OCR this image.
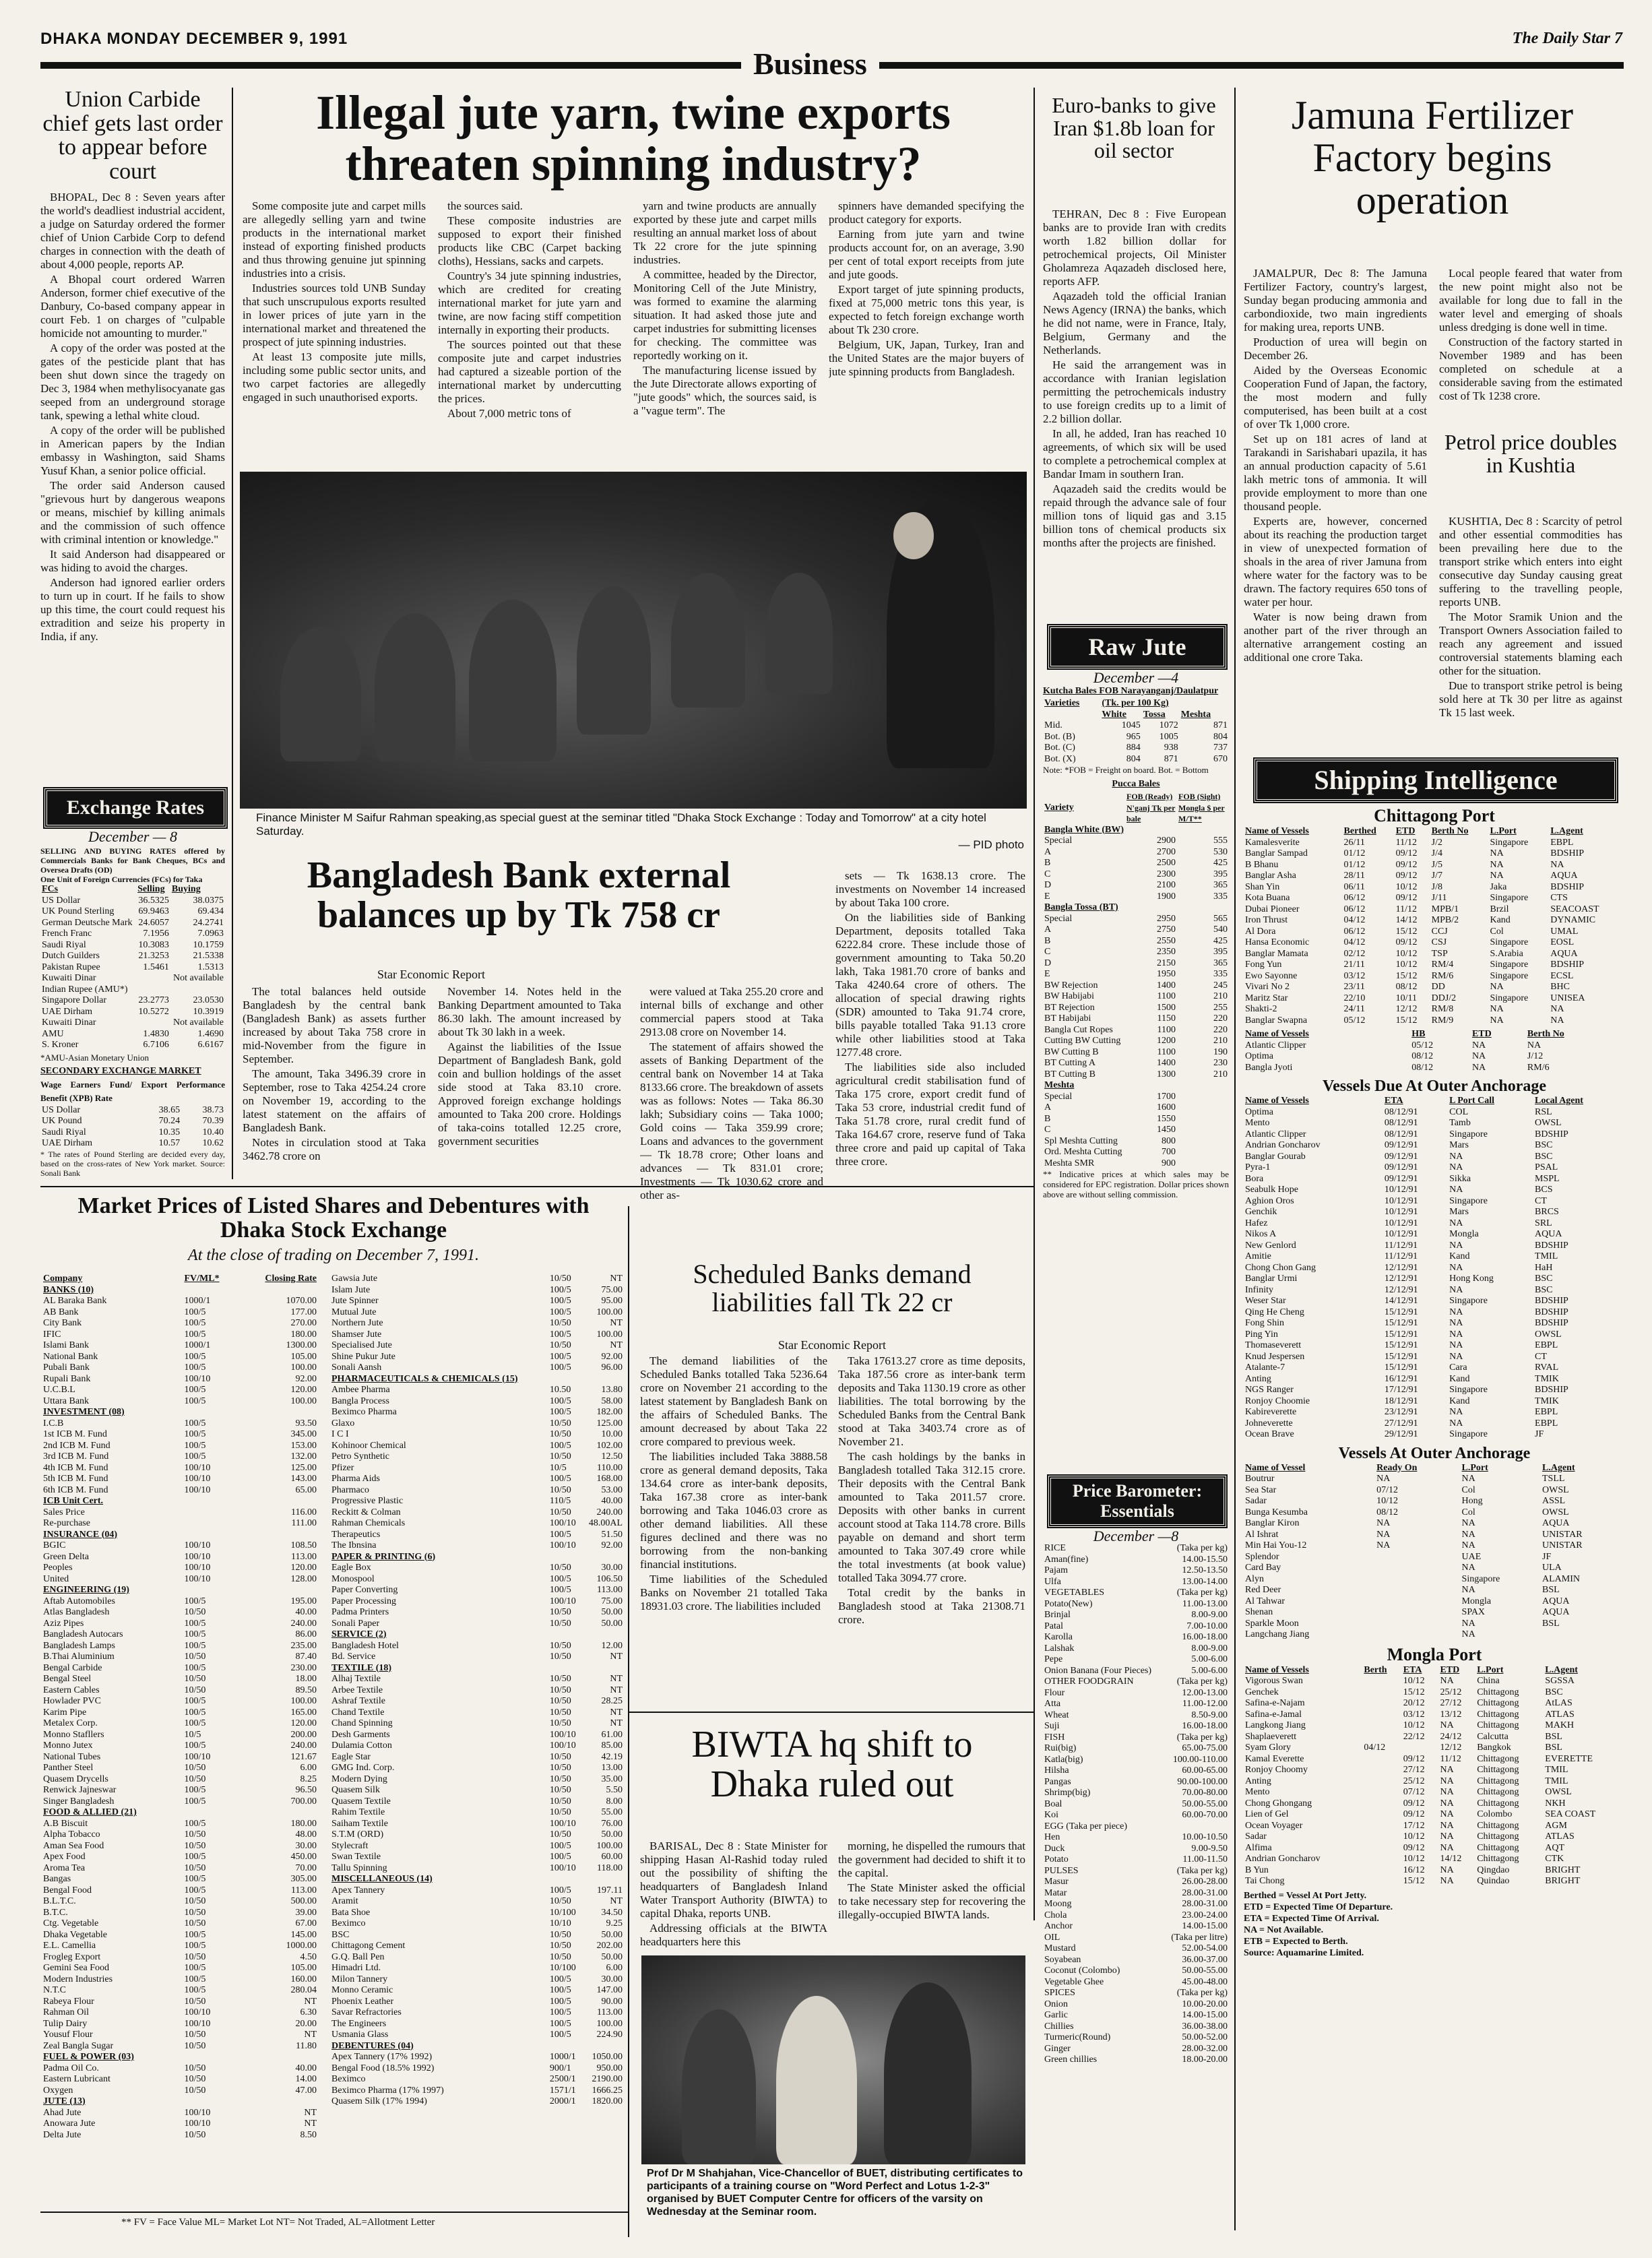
DHAKA MONDAY DECEMBER 9, 1991	The Daily Star 7
Business
Union Carbide chief gets last order to appear before court

BHOPAL, Dec 8 : Seven years after the world's deadliest industrial accident, a judge on Saturday ordered the former chief of Union Carbide Corp to defend charges in connection with the death of about 4,000 people, reports AP.

A Bhopal court ordered Warren Anderson, former chief executive of the Danbury, Co-based company appear in court Feb. 1 on charges of "culpable homicide not amounting to murder."

A copy of the order was posted at the gates of the pesticide plant that has been shut down since the tragedy on Dec 3, 1984 when methylisocyanate gas seeped from an underground storage tank, spewing a lethal white cloud.

A copy of the order will be published in American papers by the Indian embassy in Washington, said Shams Yusuf Khan, a senior police official.

The order said Anderson caused "grievous hurt by dangerous weapons or means, mischief by killing animals and the commission of such offence with criminal intention or knowledge."

It said Anderson had disappeared or was hiding to avoid the charges.

Anderson had ignored earlier orders to turn up in court. If he fails to show up this time, the court could request his extradition and seize his property in India, if any.

Exchange Rates
December — 8
SELLING AND BUYING RATES offered by Commercials Banks for Bank Cheques, BCs and Oversea Drafts (OD)
One Unit of Foreign Currencies (FCs) for Taka
FCs	Selling	Buying
US Dollar	36.5325	38.0375
UK Pound Sterling	69.9463	69.434
German Deutsche Mark	24.6057	24.2741
French Franc	7.1956	7.0963
Saudi Riyal	10.3083	10.1759
Dutch Guilders	21.3253	21.5338
Pakistan Rupee	1.5461	1.5313
Kuwaiti Dinar		Not available
Indian Rupee (AMU*)		
Singapore Dollar	23.2773	23.0530
UAE Dirham	10.5272	10.3919
Kuwaiti Dinar		Not available
AMU	1.4830	1.4690
S. Kroner	6.7106	6.6167
*AMU-Asian Monetary Union
SECONDARY EXCHANGE MARKET
Wage Earners Fund/ Export Performance Benefit (XPB) Rate
US Dollar	38.65	38.73
UK Pound	70.24	70.39
Saudi Riyal	10.35	10.40
UAE Dirham	10.57	10.62
* The rates of Pound Sterling are decided every day, based on the cross-rates of New York market. Source: Sonali Bank
Illegal jute yarn, twine exports threaten spinning industry?

Some composite jute and carpet mills are allegedly selling yarn and twine products in the international market instead of exporting finished products and thus throwing genuine jut spinning industries into a crisis.

Industries sources told UNB Sunday that such unscrupulous exports resulted in lower prices of jute yarn in the international market and threatened the prospect of jute spinning industries.

At least 13 composite jute mills, including some public sector units, and two carpet factories are allegedly engaged in such unauthorised exports.

the sources said.

These composite industries are supposed to export their finished products like CBC (Carpet backing cloths), Hessians, sacks and carpets.

Country's 34 jute spinning industries, which are credited for creating international market for jute yarn and twine, are now facing stiff competition internally in exporting their products.

The sources pointed out that these composite jute and carpet industries had captured a sizeable portion of the international market by undercutting the prices.

About 7,000 metric tons of

yarn and twine products are annually exported by these jute and carpet mills resulting an annual market loss of about Tk 22 crore for the jute spinning industries.

A committee, headed by the Director, Monitoring Cell of the Jute Ministry, was formed to examine the alarming situation. It had asked those jute and carpet industries for submitting licenses for checking. The committee was reportedly working on it.

The manufacturing license issued by the Jute Directorate allows exporting of "jute goods" which, the sources said, is a "vague term". The

spinners have demanded specifying the product category for exports.

Earning from jute yarn and twine products account for, on an average, 3.90 per cent of total export receipts from jute and jute goods.

Export target of jute spinning products, fixed at 75,000 metric tons this year, is expected to fetch foreign exchange worth about Tk 230 crore.

Belgium, UK, Japan, Turkey, Iran and the United States are the major buyers of jute spinning products from Bangladesh.

Finance Minister M Saifur Rahman speaking,as special guest at the seminar titled "Dhaka Stock Exchange : Today and Tomorrow" at a city hotel Saturday.
— PID photo
Bangladesh Bank external balances up by Tk 758 cr
Star Economic Report

The total balances held outside Bangladesh by the central bank (Bangladesh Bank) as assets further increased by about Taka 758 crore in mid-November from the figure in September.

The amount, Taka 3496.39 crore in September, rose to Taka 4254.24 crore on November 19, according to the latest statement on the affairs of Bangladesh Bank.

Notes in circulation stood at Taka 3462.78 crore on

November 14. Notes held in the Banking Department amounted to Taka 86.30 lakh. The amount increased by about Tk 30 lakh in a week.

Against the liabilities of the Issue Department of Bangladesh Bank, gold coin and bullion holdings of the asset side stood at Taka 83.10 crore. Approved foreign exchange holdings amounted to Taka 200 crore. Holdings of taka-coins totalled 12.25 crore, government securities

were valued at Taka 255.20 crore and internal bills of exchange and other commercial papers stood at Taka 2913.08 crore on November 14.

The statement of affairs showed the assets of Banking Department of the central bank on November 14 at Taka 8133.66 crore. The breakdown of assets was as follows: Notes — Taka 86.30 lakh; Subsidiary coins — Taka 1000; Gold coins — Taka 359.99 crore; Loans and advances to the government — Tk 18.78 crore; Other loans and advances — Tk 831.01 crore; Investments — Tk 1030.62 crore and other as-

sets — Tk 1638.13 crore. The investments on November 14 increased by about Taka 100 crore.

On the liabilities side of Banking Department, deposits totalled Taka 6222.84 crore. These include those of government amounting to Taka 50.20 lakh, Taka 1981.70 crore of banks and Taka 4240.64 crore of others. The allocation of special drawing rights (SDR) amounted to Taka 91.74 crore, bills payable totalled Taka 91.13 crore while other liabilities stood at Taka 1277.48 crore.

The liabilities side also included agricultural credit stabilisation fund of Taka 175 crore, export credit fund of Taka 53 crore, industrial credit fund of Taka 51.78 crore, rural credit fund of Taka 164.67 crore, reserve fund of Taka three crore and paid up capital of Taka three crore.

Market Prices of Listed Shares and Debentures with Dhaka Stock Exchange
At the close of trading on December 7, 1991.
Company	FV/ML*	Closing Rate
BANKS (10)		
AL Baraka Bank	1000/1	1070.00
AB Bank	100/5	177.00
City Bank	100/5	270.00
IFIC	100/5	180.00
Islami Bank	1000/1	1300.00
National Bank	100/5	105.00
Pubali Bank	100/5	100.00
Rupali Bank	100/10	92.00
U.C.B.L	100/5	120.00
Uttara Bank	100/5	100.00
INVESTMENT (08)		
I.C.B	100/5	93.50
1st ICB M. Fund	100/5	345.00
2nd ICB M. Fund	100/5	153.00
3rd ICB M. Fund	100/5	132.00
4th ICB M. Fund	100/10	125.00
5th ICB M. Fund	100/10	143.00
6th ICB M. Fund	100/10	65.00
ICB Unit Cert.		
Sales Price		116.00
Re-purchase		111.00
INSURANCE (04)		
BGIC	100/10	108.50
Green Delta	100/10	113.00
Peoples	100/10	120.00
United	100/10	128.00
ENGINEERING (19)		
Aftab Automobiles	100/5	195.00
Atlas Bangladesh	10/50	40.00
Aziz Pipes	100/5	240.00
Bangladesh Autocars	100/5	86.00
Bangladesh Lamps	100/5	235.00
B.Thai Aluminium	10/50	87.40
Bengal Carbide	100/5	230.00
Bengal Steel	10/50	18.00
Eastern Cables	10/50	89.50
Howlader PVC	100/5	100.00
Karim Pipe	100/5	165.00
Metalex Corp.	100/5	120.00
Monno Stafllers	10/5	200.00
Monno Jutex	100/5	240.00
National Tubes	100/10	121.67
Panther Steel	10/50	6.00
Quasem Drycells	10/50	8.25
Renwick Jajneswar	100/5	96.50
Singer Bangladesh	100/5	700.00
FOOD & ALLIED (21)		
A.B Biscuit	100/5	180.00
Alpha Tobacco	10/50	48.00
Aman Sea Food	10/50	30.00
Apex Food	100/5	450.00
Aroma Tea	10/50	70.00
Bangas	100/5	305.00
Bengal Food	100/5	113.00
B.L.T.C.	10/50	500.00
B.T.C.	10/50	39.00
Ctg. Vegetable	10/50	67.00
Dhaka Vegetable	100/5	145.00
E.L. Camellia	100/5	1000.00
Frogleg Export	10/50	4.50
Gemini Sea Food	100/5	105.00
Modern Industries	100/5	160.00
N.T.C	100/5	280.04
Rabeya Flour	10/50	NT
Rahman Oil	100/10	6.30
Tulip Dairy	100/10	20.00
Yousuf Flour	10/50	NT
Zeal Bangla Sugar	10/50	11.80
FUEL & POWER (03)		
Padma Oil Co.	10/50	40.00
Eastern Lubricant	10/50	14.00
Oxygen	10/50	47.00
JUTE (13)		
Ahad Jute	100/10	NT
Anowara Jute	100/10	NT
Delta Jute	10/50	8.50
Gawsia Jute	10/50	NT
Islam Jute	100/5	75.00
Jute Spinner	100/5	95.00
Mutual Jute	100/5	100.00
Northern Jute	10/50	NT
Shamser Jute	100/5	100.00
Specialised Jute	10/50	NT
Shine Pukur Jute	100/5	92.00
Sonali Aansh	100/5	96.00
PHARMACEUTICALS & CHEMICALS (15)		
Ambee Pharma	10.50	13.80
Bangla Process	100/5	58.00
Beximco Pharma	100/5	182.00
Glaxo	10/50	125.00
I C I	10/50	10.00
Kohinoor Chemical	100/5	102.00
Petro Synthetic	10/50	12.50
Pfizer	10/5	110.00
Pharma Aids	100/5	168.00
Pharmaco	10/50	53.00
Progressive Plastic	110/5	40.00
Reckitt & Colman	10/50	240.00
Rahman Chemicals	100/10	48.00AL
Therapeutics	100/5	51.50
The Ibnsina	100/10	92.00
PAPER & PRINTING (6)		
Eagle Box	10/50	30.00
Monospool	100/5	106.50
Paper Converting	100/5	113.00
Paper Processing	100/10	75.00
Padma Printers	10/50	50.00
Sonali Paper	10/50	50.00
SERVICE (2)		
Bangladesh Hotel	10/50	12.00
Bd. Service	10/50	NT
TEXTILE (18)		
Alhaj Textile	10/50	NT
Arbee Textile	10/50	NT
Ashraf Textile	10/50	28.25
Chand Textile	10/50	NT
Chand Spinning	10/50	NT
Desh Garments	100/10	61.00
Dulamia Cotton	100/10	85.00
Eagle Star	10/50	42.19
GMG Ind. Corp.	10/50	13.00
Modern Dying	10/50	35.00
Quasem Silk	10/50	5.50
Quasem Textile	10/50	8.00
Rahim Textile	10/50	55.00
Saiham Textile	100/10	76.00
S.T.M (ORD)	10/50	50.00
Stylecraft	100/5	100.00
Swan Textile	100/5	60.00
Tallu Spinning	100/10	118.00
MISCELLANEOUS (14)		
Apex Tannery	100/5	197.11
Aramit	10/50	NT
Bata Shoe	10/100	34.50
Beximco	10/10	9.25
BSC	10/50	50.00
Chittagong Cement	10/50	202.00
G.Q. Ball Pen	10/50	50.00
Himadri Ltd.	10/100	6.00
Milon Tannery	100/5	30.00
Monno Ceramic	100/5	147.00
Phoenix Leather	100/5	90.00
Savar Refractories	100/5	113.00
The Engineers	100/5	100.00
Usmania Glass	100/5	224.90
DEBENTURES (04)		
Apex Tannery (17% 1992)	1000/1	1050.00
Bengal Food (18.5% 1992)	900/1	950.00
Beximco	2500/1	2190.00
Beximco Pharma (17% 1997)	1571/1	1666.25
Quasem Silk (17% 1994)	2000/1	1820.00
** FV = Face Value ML= Market Lot NT= Not Traded, AL=Allotment Letter
Scheduled Banks demand liabilities fall Tk 22 cr
Star Economic Report

The demand liabilities of the Scheduled Banks totalled Taka 5236.64 crore on November 21 according to the latest statement by Bangladesh Bank on the affairs of Scheduled Banks. The amount decreased by about Taka 22 crore compared to previous week.

The liabilities included Taka 3888.58 crore as general demand deposits, Taka 134.64 crore as inter-bank deposits, Taka 167.38 crore as inter-bank borrowing and Taka 1046.03 crore as other demand liabilities. All these figures declined and there was no borrowing from the non-banking financial institutions.

Time liabilities of the Scheduled Banks on November 21 totalled Taka 18931.03 crore. The liabilities included

Taka 17613.27 crore as time deposits, Taka 187.56 crore as inter-bank term deposits and Taka 1130.19 crore as other liabilities. The total borrowing by the Scheduled Banks from the Central Bank stood at Taka 3403.74 crore as of November 21.

The cash holdings by the banks in Bangladesh totalled Taka 312.15 crore. Their deposits with the Central Bank amounted to Taka 2011.57 crore. Deposits with other banks in current account stood at Taka 114.78 crore. Bills payable on demand and short term amounted to Taka 307.49 crore while the total investments (at book value) totalled Taka 3094.77 crore.

Total credit by the banks in Bangladesh stood at Taka 21308.71 crore.

BIWTA hq shift to Dhaka ruled out

BARISAL, Dec 8 : State Minister for shipping Hasan Al-Rashid today ruled out the possibility of shifting the headquarters of Bangladesh Inland Water Transport Authority (BIWTA) to capital Dhaka, reports UNB.

Addressing officials at the BIWTA headquarters here this

morning, he dispelled the rumours that the government had decided to shift it to the capital.

The State Minister asked the official to take necessary step for recovering the illegally-occupied BIWTA lands.

Prof Dr M Shahjahan, Vice-Chancellor of BUET, distributing certificates to participants of a training course on "Word Perfect and Lotus 1-2-3" organised by BUET Computer Centre for officers of the varsity on Wednesday at the Seminar room.
Euro-banks to give Iran $1.8b loan for oil sector

TEHRAN, Dec 8 : Five European banks are to provide Iran with credits worth 1.82 billion dollar for petrochemical projects, Oil Minister Gholamreza Aqazadeh disclosed here, reports AFP.

Aqazadeh told the official Iranian News Agency (IRNA) the banks, which he did not name, were in France, Italy, Belgium, Germany and the Netherlands.

He said the arrangement was in accordance with Iranian legislation permitting the petrochemicals industry to use foreign credits up to a limit of 2.2 billion dollar.

In all, he added, Iran has reached 10 agreements, of which six will be used to complete a petrochemical complex at Bandar Imam in southern Iran.

Aqazadeh said the credits would be repaid through the advance sale of four million tons of liquid gas and 3.15 billion tons of chemical products six months after the projects are finished.

Raw Jute
December —4
Kutcha Bales FOB Narayanganj/Daulatpur
Varieties	(Tk. per 100 Kg)		
	White	Tossa	Meshta
Mid.	1045	1072	871
Bot. (B)	965	1005	804
Bot. (C)	884	938	737
Bot. (X)	804	871	670
Note: *FOB = Freight on board. Bot. = Bottom
Pucca Bales
Variety	FOB (Ready) N'ganj Tk per bale	FOB (Sight) Mongla $ per M/T**
Bangla White (BW)		
Special	2900	555
A	2700	530
B	2500	425
C	2300	395
D	2100	365
E	1900	335
Bangla Tossa (BT)		
Special	2950	565
A	2750	540
B	2550	425
C	2350	395
D	2150	365
E	1950	335
BW Rejection	1400	245
BW Habijabi	1100	210
BT Rejection	1500	255
BT Habijabi	1150	220
Bangla Cut Ropes	1100	220
Cutting BW Cutting	1200	210
BW Cutting B	1100	190
BT Cutting A	1400	230
BT Cutting B	1300	210
Meshta		
Special	1700	
A	1600	
B	1550	
C	1450	
Spl Meshta Cutting	800	
Ord. Meshta Cutting	700	
Meshta SMR	900	
** Indicative prices at which sales may be considered for EPC registration. Dollar prices shown above are without selling commission.
Price Barometer: Essentials
December —8
RICE	(Taka per kg)
Aman(fine)	14.00-15.50
Pajam	12.50-13.50
Ulfa	13.00-14.00
VEGETABLES	(Taka per kg)
Potato(New)	11.00-13.00
Brinjal	8.00-9.00
Patal	7.00-10.00
Karolla	16.00-18.00
Lalshak	8.00-9.00
Pepe	5.00-6.00
Onion Banana (Four Pieces)	5.00-6.00
OTHER FOODGRAIN	(Taka per kg)
Flour	12.00-13.00
Atta	11.00-12.00
Wheat	8.50-9.00
Suji	16.00-18.00
FISH	(Taka per kg)
Rui(big)	65.00-75.00
Katla(big)	100.00-110.00
Hilsha	60.00-65.00
Pangas	90.00-100.00
Shrimp(big)	70.00-80.00
Boal	50.00-55.00
Koi	60.00-70.00
EGG (Taka per piece)	
Hen	10.00-10.50
Duck	9.00-9.50
Potato	11.00-11.50
PULSES	(Taka per kg)
Masur	26.00-28.00
Matar	28.00-31.00
Moong	28.00-31.00
Chola	23.00-24.00
Anchor	14.00-15.00
OIL	(Taka per litre)
Mustard	52.00-54.00
Soyabean	36.00-37.00
Coconut (Colombo)	50.00-55.00
Vegetable Ghee	45.00-48.00
SPICES	(Taka per kg)
Onion	10.00-20.00
Garlic	14.00-15.00
Chillies	36.00-38.00
Turmeric(Round)	50.00-52.00
Ginger	28.00-32.00
Green chillies	18.00-20.00
Jamuna Fertilizer Factory begins operation

JAMALPUR, Dec 8: The Jamuna Fertilizer Factory, country's largest, Sunday began producing ammonia and carbondioxide, two main ingredients for making urea, reports UNB.

Production of urea will begin on December 26.

Aided by the Overseas Economic Cooperation Fund of Japan, the factory, the most modern and fully computerised, has been built at a cost of over Tk 1,000 crore.

Set up on 181 acres of land at Tarakandi in Sarishabari upazila, it has an annual production capacity of 5.61 lakh metric tons of ammonia. It will provide employment to more than one thousand people.

Experts are, however, concerned about its reaching the production target in view of unexpected formation of shoals in the area of river Jamuna from where water for the factory was to be drawn. The factory requires 650 tons of water per hour.

Water is now being drawn from another part of the river through an alternative arrangement costing an additional one crore Taka.

Local people feared that water from the new point might also not be available for long due to fall in the water level and emerging of shoals unless dredging is done well in time.

Construction of the factory started in November 1989 and has been completed on schedule at a considerable saving from the estimated cost of Tk 1238 crore.

Petrol price doubles in Kushtia

KUSHTIA, Dec 8 : Scarcity of petrol and other essential commodities has been prevailing here due to the transport strike which enters into eight consecutive day Sunday causing great suffering to the travelling people, reports UNB.

The Motor Sramik Union and the Transport Owners Association failed to reach any agreement and issued controversial statements blaming each other for the situation.

Due to transport strike petrol is being sold here at Tk 30 per litre as against Tk 15 last week.

Shipping Intelligence
Chittagong Port
Name of Vessels	Berthed	ETD	Berth No	L.Port	L.Agent
Kamalesverite	26/11	11/12	J/2	Singapore	EBPL
Banglar Sampad	01/12	09/12	J/4	NA	BDSHIP
B Bhanu	01/12	09/12	J/5	NA	NA
Banglar Asha	28/11	09/12	J/7	NA	AQUA
Shan Yin	06/11	10/12	J/8	Jaka	BDSHIP
Kota Buana	06/12	09/12	J/11	Singapore	CTS
Dubai Pioneer	06/12	11/12	MPB/1	Brzil	SEACOAST
Iron Thrust	04/12	14/12	MPB/2	Kand	DYNAMIC
Al Dora	06/12	15/12	CCJ	Col	UMAL
Hansa Economic	04/12	09/12	CSJ	Singapore	EOSL
Banglar Mamata	02/12	10/12	TSP	S.Arabia	AQUA
Fong Yun	21/11	10/12	RM/4	Singapore	BDSHIP
Ewo Sayonne	03/12	15/12	RM/6	Singapore	ECSL
Vivari No 2	23/11	08/12	DD	NA	BHC
Maritz Star	22/10	10/11	DDJ/2	Singapore	UNISEA
Shakti-2	24/11	12/12	RM/8	NA	NA
Banglar Swapna	05/12	15/12	RM/9	NA	NA
Name of Vessels	HB	ETD	Berth No
Atlantic Clipper	05/12	NA	NA
Optima	08/12	NA	J/12
Bangla Jyoti	08/12	NA	RM/6
Vessels Due At Outer Anchorage
Name of Vessels	ETA	L Port Call	Local Agent
Optima	08/12/91	COL	RSL
Mento	08/12/91	Tamb	OWSL
Atlantic Clipper	08/12/91	Singapore	BDSHIP
Andrian Goncharov	09/12/91	Mars	BSC
Banglar Gourab	09/12/91	NA	BSC
Pyra-1	09/12/91	NA	PSAL
Bora	09/12/91	Sikka	MSPL
Seabulk Hope	10/12/91	NA	BCS
Aghion Oros	10/12/91	Singapore	CT
Genchik	10/12/91	Mars	BRCS
Hafez	10/12/91	NA	SRL
Nikos A	10/12/91	Mongla	AQUA
New Genlord	11/12/91	NA	BDSHIP
Amitie	11/12/91	Kand	TMIL
Chong Chon Gang	12/12/91	NA	HaH
Banglar Urmi	12/12/91	Hong Kong	BSC
Infinity	12/12/91	NA	BSC
Weser Star	14/12/91	Singapore	BDSHIP
Qing He Cheng	15/12/91	NA	BDSHIP
Fong Shin	15/12/91	NA	BDSHIP
Ping Yin	15/12/91	NA	OWSL
Thomaseverett	15/12/91	NA	EBPL
Knud Jespersen	15/12/91	NA	CT
Atalante-7	15/12/91	Cara	RVAL
Anting	16/12/91	Kand	TMIK
NGS Ranger	17/12/91	Singapore	BDSHIP
Ronjoy Choomie	18/12/91	Kand	TMIK
Kabireverette	23/12/91	NA	EBPL
Johneverette	27/12/91	NA	EBPL
Ocean Brave	29/12/91	Singapore	JF
Vessels At Outer Anchorage
Name of Vessel	Ready On	L.Port	L.Agent
Boutrur	NA	NA	TSLL
Sea Star	07/12	Col	OWSL
Sadar	10/12	Hong	ASSL
Bunga Kesumba	08/12	Col	OWSL
Banglar Kiron	NA	NA	AQUA
Al Ishrat	NA	NA	UNISTAR
Min Hai You-12	NA	NA	UNISTAR
Splendor		UAE	JF
Card Bay		NA	ULA
Alyn		Singapore	ALAMIN
Red Deer		NA	BSL
Al Tahwar		Mongla	AQUA
Shenan		SPAX	AQUA
Sparkle Moon		NA	BSL
Langchang Jiang		NA	
Mongla Port
Name of Vessels	Berth	ETA	ETD	L.Port	L.Agent
Vigorous Swan		10/12	NA	China	SGSSA
Genchek		15/12	25/12	Chittagong	BSC
Safina-e-Najam		20/12	27/12	Chittagong	AtLAS
Safina-e-Jamal		03/12	13/12	Chittagong	ATLAS
Langkong Jiang		10/12	NA	Chittagong	MAKH
Shaplaeverett		22/12	24/12	Calcutta	BSL
Syam Glory	04/12		12/12	Bangkok	BSL
Kamal Everette		09/12	11/12	Chittagong	EVERETTE
Ronjoy Choomy		27/12	NA	Chittagong	TMIL
Anting		25/12	NA	Chittagong	TMIL
Mento		07/12	NA	Chittagong	OWSL
Chong Ghongang		09/12	NA	Chittagong	NKH
Lien of Gel		09/12	NA	Colombo	SEA COAST
Ocean Voyager		17/12	NA	Chittagong	AGM
Sadar		10/12	NA	Chittagong	ATLAS
Alfima		09/12	NA	Chittagong	AQT
Andrian Goncharov		10/12	14/12	Chittagong	CTK
B Yun		16/12	NA	Qingdao	BRIGHT
Tai Chong		15/12	NA	Quindao	BRIGHT
Berthed = Vessel At Port Jetty.
ETD = Expected Time Of Departure.
ETA = Expected Time Of Arrival.
NA = Not Available.
ETB = Expected to Berth.
Source: Aquamarine Limited.
